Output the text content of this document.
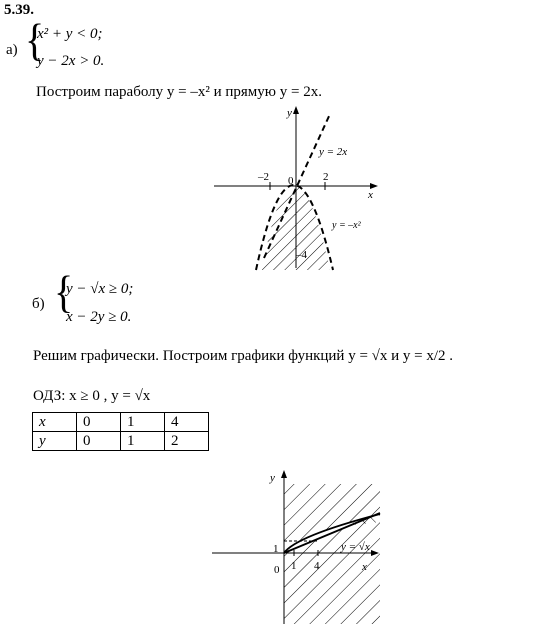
5.39.
а) {
x² + y < 0;
y − 2x > 0.
Построим параболу y = –x² и прямую y = 2x.
y
x
0
–2	2
–4
y = 2x
y = –x²
б) {
y − √x ≥ 0;
x − 2y ≥ 0.
Решим графически. Построим графики функций y = √x и y = x/2 .
ОДЗ: x ≥ 0 , y = √x
x	0	1	4
y	0	1	2
y
x
0 1 4
1	y = √x
